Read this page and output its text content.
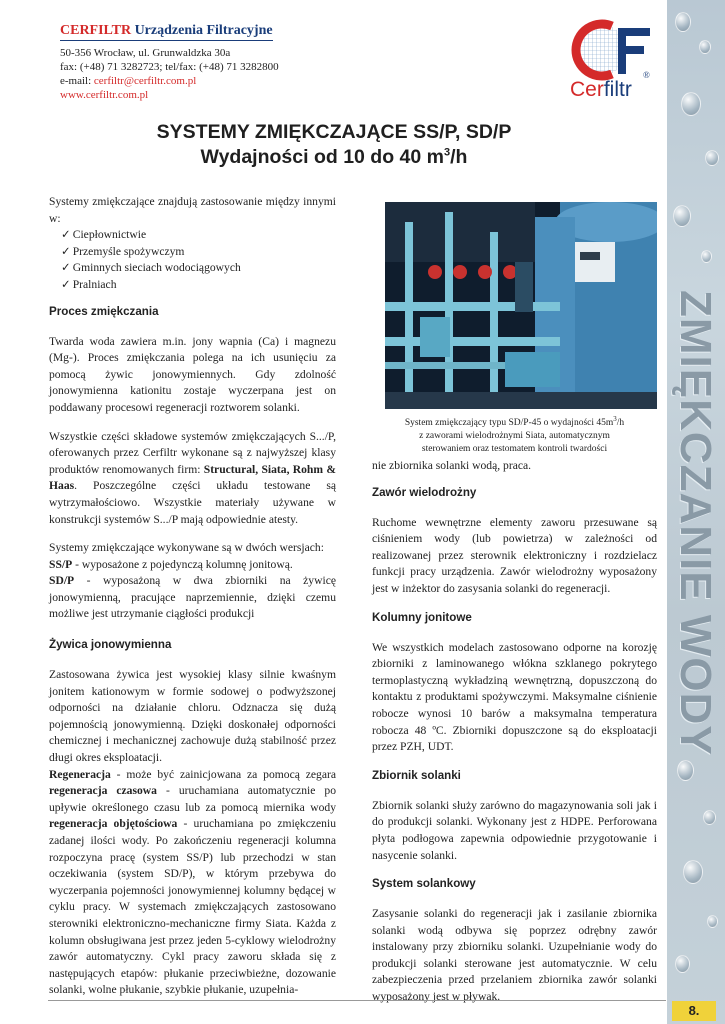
ZMIĘKCZANIE WODY
8.
CERFILTR Urządzenia Filtracyjne
50-356 Wrocław, ul. Grunwaldzka 30a
fax: (+48) 71 3282723; tel/fax: (+48) 71 3282800
e-mail: cerfiltr@cerfiltr.com.pl
www.cerfiltr.com.pl	Cerfiltr
®
SYSTEMY ZMIĘKCZAJĄCE SS/P, SD/P
Wydajności od 10 do 40 $m^3/h$

Systemy zmiękczające znajdują zastosowanie między innymi w:

✓ Ciepłownictwie
✓ Przemyśle spożywczym
✓ Gminnych sieciach wodociągowych
✓ Pralniach
Proces zmiękczania

Twarda woda zawiera m.in. jony wapnia (Ca) i magnezu (Mg-). Proces zmiękczania polega na ich usunięciu za pomocą żywic jonowymiennych. Gdy zdolność jonowymienna kationitu zostaje wyczerpana jest on poddawany procesowi regeneracji roztworem solanki.

Wszystkie części składowe systemów zmiękczających S.../P, oferowanych przez Cerfiltr wykonane są z najwyższej klasy produktów renomowanych firm: Structural, Siata, Rohm & Haas. Poszczególne części układu testowane są wytrzymałościowo. Wszystkie materiały używane w konstrukcji systemów S.../P mają odpowiednie atesty.

Systemy zmiękczające wykonywane są w dwóch wersjach:

SS/P - wyposażone z pojedynczą kolumnę jonitową.

SD/P - wyposażoną w dwa zbiorniki na żywicę jonowymienną, pracujące naprzemiennie, dzięki czemu możliwe jest utrzymanie ciągłości produkcji

Żywica jonowymienna

Zastosowana żywica jest wysokiej klasy silnie kwaśnym jonitem kationowym w formie sodowej o podwyższonej odporności na działanie chloru. Odznacza się dużą pojemnością jonowymienną. Dzięki doskonałej odporności chemicznej i mechanicznej zachowuje dużą stabilność przez długi okres eksploatacji.

Regeneracja - może być zainicjowana za pomocą zegara regeneracja czasowa - uruchamiana automatycznie po upływie określonego czasu lub za pomocą miernika wody regeneracja objętościowa - uruchamiana po zmiękczeniu zadanej ilości wody. Po zakończeniu regeneracji kolumna rozpoczyna pracę (system SS/P) lub przechodzi w stan oczekiwania (system SD/P), w którym przebywa do wyczerpania pojemności jonowymiennej kolumny będącej w cyklu pracy. W systemach zmiękczających zastosowano sterowniki elektroniczno-mechaniczne firmy Siata. Każda z kolumn obsługiwana jest przez jeden 5-cyklowy wielodrożny zawór automatyczny. Cykl pracy zaworu składa się z następujących etapów: płukanie przeciwbieżne, dozowanie solanki, wolne płukanie, szybkie płukanie, uzupełnia-

System zmiękczający typu SD/P-45 o wydajności $45m^3/h$
z zaworami wielodrożnymi Siata, automatycznym
sterowaniem oraz testomatem kontroli twardości

nie zbiornika solanki wodą, praca.

Zawór wielodrożny

Ruchome wewnętrzne elementy zaworu przesuwane są ciśnieniem wody (lub powietrza) w zależności od realizowanej przez sterownik elektroniczny i rozdzielacz funkcji pracy urządzenia. Zawór wielodrożny wyposażony jest w inżektor do zasysania solanki do regeneracji.

Kolumny jonitowe

We wszystkich modelach zastosowano odporne na korozję zbiorniki z laminowanego włókna szklanego pokrytego termoplastyczną wykładziną wewnętrzną, dopuszczoną do kontaktu z produktami spożywczymi. Maksymalne ciśnienie robocze wynosi 10 barów a maksymalna temperatura robocza 48 ºC. Zbiorniki dopuszczone są do eksploatacji przez PZH, UDT.

Zbiornik solanki

Zbiornik solanki służy zarówno do magazynowania soli jak i do produkcji solanki. Wykonany jest z HDPE. Perforowana płyta podłogowa zapewnia odpowiednie przygotowanie i nasycenie solanki.

System solankowy

Zasysanie solanki do regeneracji jak i zasilanie zbiornika solanki wodą odbywa się poprzez odrębny zawór instalowany przy zbiorniku solanki. Uzupełnianie wody do produkcji solanki sterowane jest automatycznie. W celu zabezpieczenia przed przelaniem zbiornika zawór solanki wyposażony jest w pływak.
